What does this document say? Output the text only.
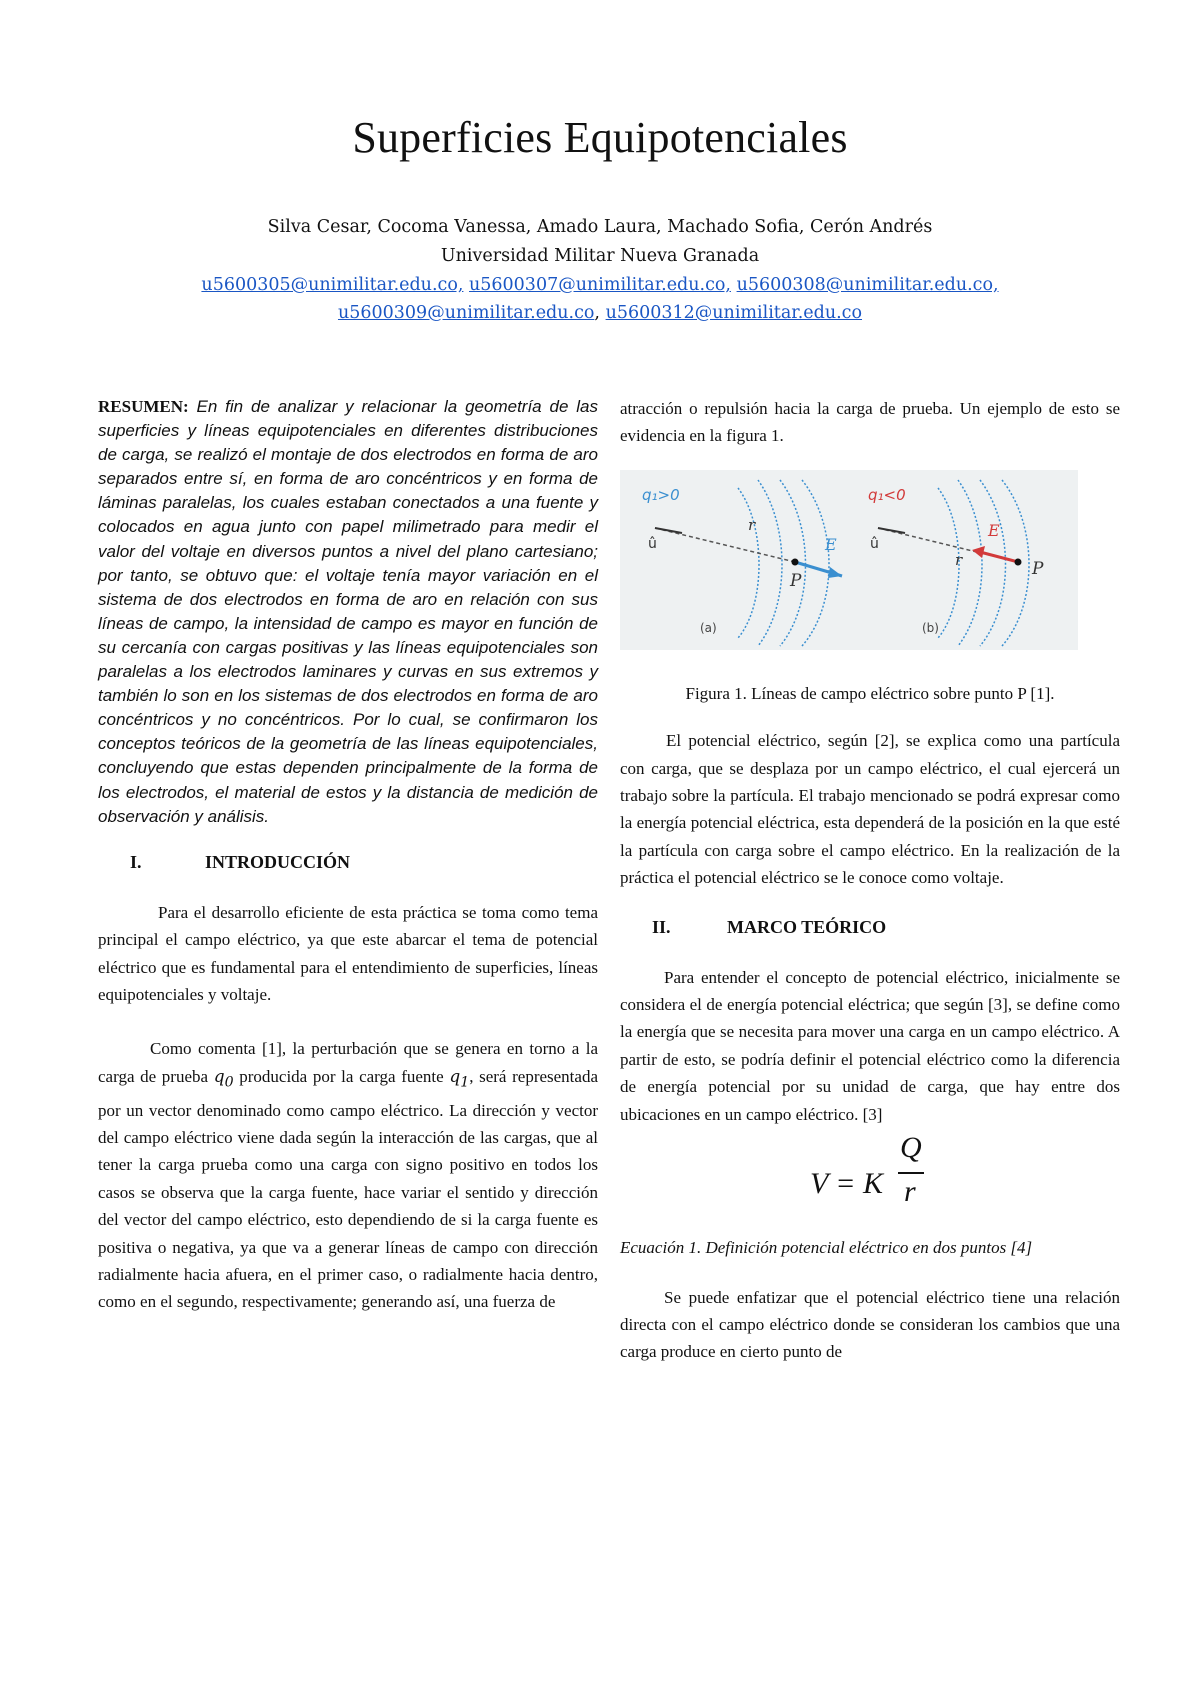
Superficies Equipotenciales
Silva Cesar, Cocoma Vanessa, Amado Laura, Machado Sofia, Cerón Andrés
Universidad Militar Nueva Granada
u5600305@unimilitar.edu.co, u5600307@unimilitar.edu.co, u5600308@unimilitar.edu.co,
u5600309@unimilitar.edu.co, u5600312@unimilitar.edu.co

RESUMEN: En fin de analizar y relacionar la geometría de las superficies y líneas equipotenciales en diferentes distribuciones de carga, se realizó el montaje de dos electrodos en forma de aro separados entre sí, en forma de aro concéntricos y en forma de láminas paralelas, los cuales estaban conectados a una fuente y colocados en agua junto con papel milimetrado para medir el valor del voltaje en diversos puntos a nivel del plano cartesiano; por tanto, se obtuvo que: el voltaje tenía mayor variación en el sistema de dos electrodos en forma de aro en relación con sus líneas de campo, la intensidad de campo es mayor en función de su cercanía con cargas positivas y las líneas equipotenciales son paralelas a los electrodos laminares y curvas en sus extremos y también lo son en los sistemas de dos electrodos en forma de aro concéntricos y no concéntricos. Por lo cual, se confirmaron los conceptos teóricos de la geometría de las líneas equipotenciales, concluyendo que estas dependen principalmente de la forma de los electrodos, el material de estos y la distancia de medición de observación y análisis.

I.	INTRODUCCIÓN

Para el desarrollo eficiente de esta práctica se toma como tema principal el campo eléctrico, ya que este abarcar el tema de potencial eléctrico que es fundamental para el entendimiento de superficies, líneas equipotenciales y voltaje.

Como comenta [1], la perturbación que se genera en torno a la carga de prueba $q_0$ producida por la carga fuente $q_1$, será representada por un vector denominado como campo eléctrico. La dirección y vector del campo eléctrico viene dada según la interacción de las cargas, que al tener la carga prueba como una carga con signo positivo en todos los casos se observa que la carga fuente, hace variar el sentido y dirección del vector del campo eléctrico, esto dependiendo de si la carga fuente es positiva o negativa, ya que va a generar líneas de campo con dirección radialmente hacia afuera, en el primer caso, o radialmente hacia dentro, como en el segundo, respectivamente; generando así, una fuerza de

atracción o repulsión hacia la carga de prueba. Un ejemplo de esto se evidencia en la figura 1.

q₁>0
û
r
E
P
(a)
q₁<0
û
r
E
P
(b)
Figura 1. Líneas de campo eléctrico sobre punto P [1].

El potencial eléctrico, según [2], se explica como una partícula con carga, que se desplaza por un campo eléctrico, el cual ejercerá un trabajo sobre la partícula. El trabajo mencionado se podrá expresar como la energía potencial eléctrica, esta dependerá de la posición en la que esté la partícula con carga sobre el campo eléctrico. En la realización de la práctica el potencial eléctrico se le conoce como voltaje.

II.	MARCO TEÓRICO

Para entender el concepto de potencial eléctrico, inicialmente se considera el de energía potencial eléctrica; que según [3], se define como la energía que se necesita para mover una carga en un campo eléctrico. A partir de esto, se podría definir el potencial eléctrico como la diferencia de energía potencial por su unidad de carga, que hay entre dos ubicaciones en un campo eléctrico. [3]

V = K
Q
r

Ecuación 1. Definición potencial eléctrico en dos puntos [4]

Se puede enfatizar que el potencial eléctrico tiene una relación directa con el campo eléctrico donde se consideran los cambios que una carga produce en cierto punto de
